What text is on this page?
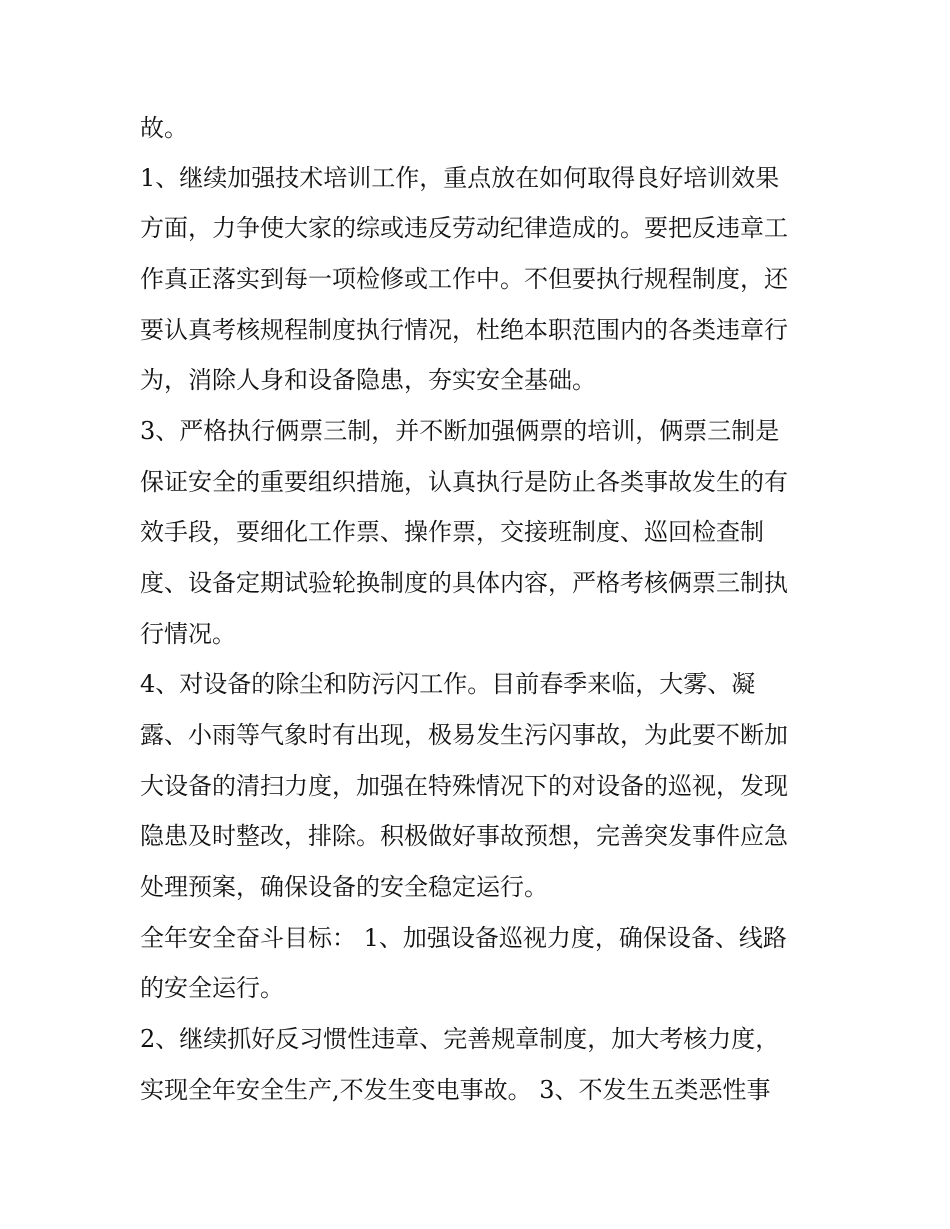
故。

1、继续加强技术培训工作，重点放在如何取得良好培训效果

方面，力争使大家的综或违反劳动纪律造成的。要把反违章工

作真正落实到每一项检修或工作中。不但要执行规程制度，还

要认真考核规程制度执行情况，杜绝本职范围内的各类违章行

为，消除人身和设备隐患，夯实安全基础。

3、严格执行俩票三制，并不断加强俩票的培训，俩票三制是

保证安全的重要组织措施，认真执行是防止各类事故发生的有

效手段，要细化工作票、操作票，交接班制度、巡回检查制

度、设备定期试验轮换制度的具体内容，严格考核俩票三制执

行情况。

4、对设备的除尘和防污闪工作。目前春季来临，大雾、凝

露、小雨等气象时有出现，极易发生污闪事故，为此要不断加

大设备的清扫力度，加强在特殊情况下的对设备的巡视，发现

隐患及时整改，排除。积极做好事故预想，完善突发事件应急

处理预案，确保设备的安全稳定运行。

全年安全奋斗目标： 1、加强设备巡视力度，确保设备、线路

的安全运行。

2、继续抓好反习惯性违章、完善规章制度，加大考核力度，

实现全年安全生产,不发生变电事故。 3、不发生五类恶性事
